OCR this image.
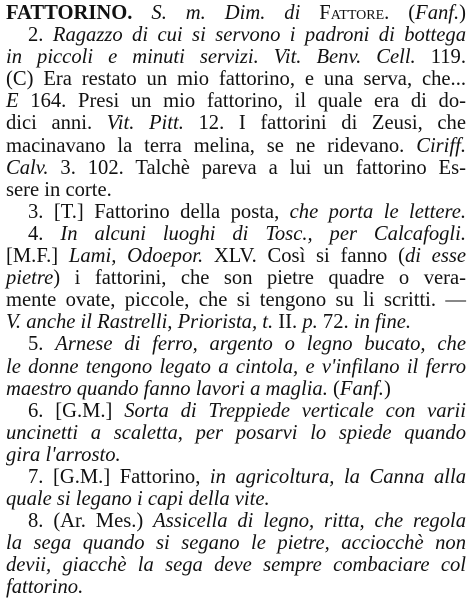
FATTORINO. S. m. Dim. di Fattore. (Fanf.)
2. Ragazzo di cui si servono i padroni di bottega
in piccoli e minuti servizi. Vit. Benv. Cell. 119.
(C) Era restato un mio fattorino, e una serva, che...
E 164. Presi un mio fattorino, il quale era di do-
dici anni. Vit. Pitt. 12. I fattorini di Zeusi, che
macinavano la terra melina, se ne ridevano. Ciriff.
Calv. 3. 102. Talchè pareva a lui un fattorino Es-
sere in corte.
3. [T.] Fattorino della posta, che porta le lettere.
4. In alcuni luoghi di Tosc., per Calcafogli.
[M.F.] Lami, Odoepor. XLV. Così si fanno (di esse
pietre) i fattorini, che son pietre quadre o vera-
mente ovate, piccole, che si tengono su li scritti. —
V. anche il Rastrelli, Priorista, t. II. p. 72. in fine.
5. Arnese di ferro, argento o legno bucato, che
le donne tengono legato a cintola, e v'infilano il ferro
maestro quando fanno lavori a maglia. (Fanf.)
6. [G.M.] Sorta di Treppiede verticale con varii
uncinetti a scaletta, per posarvi lo spiede quando
gira l'arrosto.
7. [G.M.] Fattorino, in agricoltura, la Canna alla
quale si legano i capi della vite.
8. (Ar. Mes.) Assicella di legno, ritta, che regola
la sega quando si segano le pietre, acciocchè non
devii, giacchè la sega deve sempre combaciare col
fattorino.
